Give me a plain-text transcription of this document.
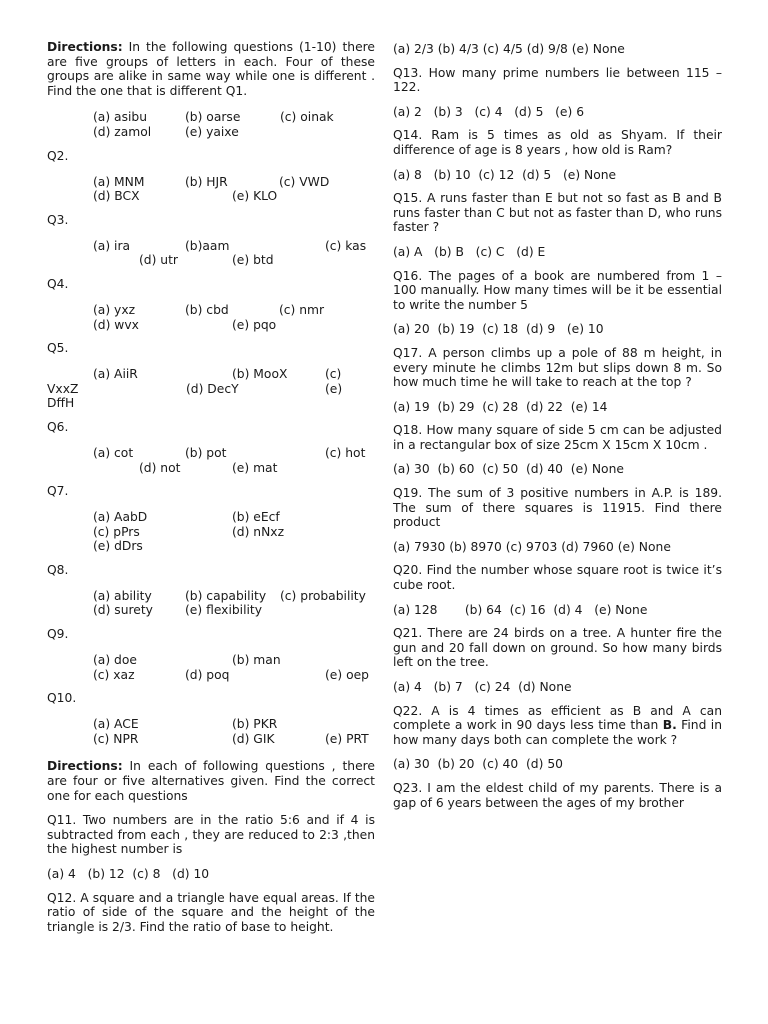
Directions: In the following questions (1-10) there are five groups of letters in each. Four of these groups are alike in same way while one is different . Find the one that is different Q1.
(a) asibu	(b) oarse	(c) oinak
(d) zamol	(e) yaixe
Q2.
(a) MNM	(b) HJR	(c) VWD
(d) BCX	(e) KLO
Q3.
(a) ira	(b)aam	(c) kas
(d) utr	(e) btd
Q4.
(a) yxz	(b) cbd	(c) nmr
(d) wvx	(e) pqo
Q5.
(a) AiiR	(b) MooX	(c)
VxxZ	(d) DecY	(e)
DffH
Q6.
(a) cot	(b) pot	(c) hot
(d) not	(e) mat
Q7.
(a) AabD	(b) eEcf
(c) pPrs	(d) nNxz
(e) dDrs
Q8.
(a) ability	(b) capability (c) probability
(d) surety	(e) flexibility
Q9.
(a) doe	(b) man
(c) xaz	(d) poq	(e) oep
Q10.
(a) ACE	(b) PKR
(c) NPR	(d) GIK	(e) PRT
Directions: In each of following questions , there are four or five alternatives given. Find the correct one for each questions
Q11. Two numbers are in the ratio 5:6 and if 4 is subtracted from each , they are reduced to 2:3 ,then the highest number is
(a) 4   (b) 12  (c) 8   (d) 10
Q12. A square and a triangle have equal areas. If the ratio of side of the square and the height of the triangle is 2/3. Find the ratio of base to height.
(a) 2/3 (b) 4/3 (c) 4/5 (d) 9/8 (e) None
Q13. How many prime numbers lie between 115 – 122.
(a) 2   (b) 3   (c) 4   (d) 5   (e) 6
Q14. Ram is 5 times as old as Shyam. If their difference of age is 8 years , how old is Ram?
(a) 8   (b) 10  (c) 12  (d) 5   (e) None
Q15. A runs faster than E but not so fast as B and B runs faster than C but not as faster than D, who runs faster ?
(a) A   (b) B   (c) C   (d) E
Q16. The pages of a book are numbered from 1 – 100 manually. How many times will be it be essential to write the number 5
(a) 20  (b) 19  (c) 18  (d) 9   (e) 10
Q17. A person climbs up a pole of 88 m height, in every minute he climbs 12m but slips down 8 m. So how much time he will take to reach at the top ?
(a) 19  (b) 29  (c) 28  (d) 22  (e) 14
Q18. How many square of side 5 cm can be adjusted in a rectangular box of size 25cm X 15cm X 10cm .
(a) 30  (b) 60  (c) 50  (d) 40  (e) None
Q19. The sum of 3 positive numbers in A.P. is 189. The sum of there squares is 11915. Find there product
(a) 7930 (b) 8970 (c) 9703 (d) 7960 (e) None
Q20. Find the number whose square root is twice it’s cube root.
(a) 128       (b) 64  (c) 16  (d) 4   (e) None
Q21. There are 24 birds on a tree. A hunter fire the gun and 20 fall down on ground. So how many birds left on the tree.
(a) 4   (b) 7   (c) 24  (d) None
Q22. A is 4 times as efficient as B and A can complete a work in 90 days less time than B. Find in how many days both can complete the work ?
(a) 30  (b) 20  (c) 40  (d) 50
Q23. I am the eldest child of my parents. There is a gap of 6 years between the ages of my brother
